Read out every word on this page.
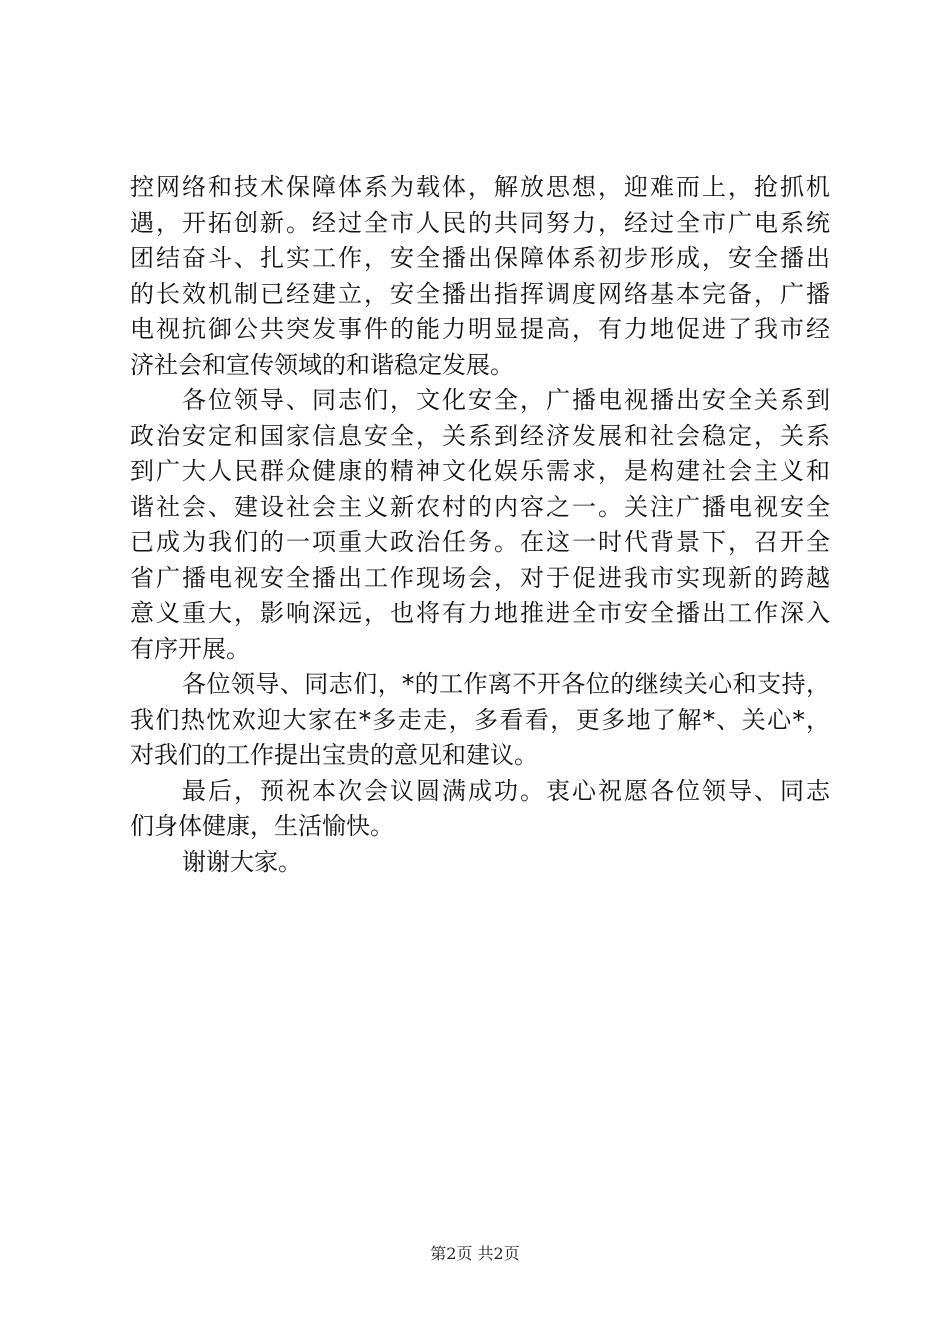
控网络和技术保障体系为载体，解放思想，迎难而上，抢抓机
遇，开拓创新。经过全市人民的共同努力，经过全市广电系统
团结奋斗、扎实工作，安全播出保障体系初步形成，安全播出
的长效机制已经建立，安全播出指挥调度网络基本完备，广播
电视抗御公共突发事件的能力明显提高，有力地促进了我市经
济社会和宣传领域的和谐稳定发展。
各位领导、同志们，文化安全，广播电视播出安全关系到
政治安定和国家信息安全，关系到经济发展和社会稳定，关系
到广大人民群众健康的精神文化娱乐需求，是构建社会主义和
谐社会、建设社会主义新农村的内容之一。关注广播电视安全
已成为我们的一项重大政治任务。在这一时代背景下，召开全
省广播电视安全播出工作现场会，对于促进我市实现新的跨越
意义重大，影响深远，也将有力地推进全市安全播出工作深入
有序开展。
各位领导、同志们，*的工作离不开各位的继续关心和支持，
我们热忱欢迎大家在*多走走，多看看，更多地了解*、关心*，
对我们的工作提出宝贵的意见和建议。
最后，预祝本次会议圆满成功。衷心祝愿各位领导、同志
们身体健康，生活愉快。
谢谢大家。
第2页 共2页
